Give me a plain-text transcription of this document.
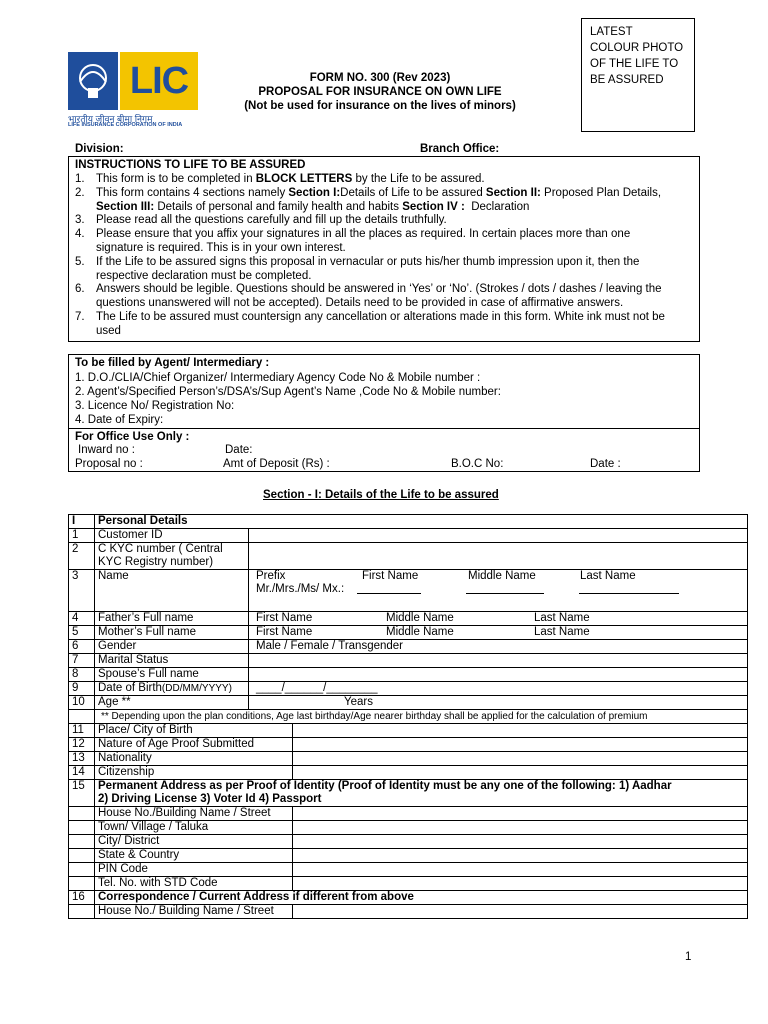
LIC
भारतीय जीवन बीमा निगम
LIFE INSURANCE CORPORATION OF INDIA
FORM NO. 300 (Rev 2023)
PROPOSAL FOR INSURANCE ON OWN LIFE
(Not be used for insurance on the lives of minors)
LATEST
COLOUR PHOTO
OF THE LIFE TO
BE ASSURED
Division:	Branch Office:
INSTRUCTIONS TO LIFE TO BE ASSURED
1. This form is to be completed in BLOCK LETTERS by the Life to be assured.
2. This form contains 4 sections namely Section I:Details of Life to be assured Section II: Proposed Plan Details,
Section III: Details of personal and family health and habits Section IV :  Declaration
3. Please read all the questions carefully and fill up the details truthfully.
4. Please ensure that you affix your signatures in all the places as required. In certain places more than one
signature is required. This is in your own interest.
5. If the Life to be assured signs this proposal in vernacular or puts his/her thumb impression upon it, then the
respective declaration must be completed.
6. Answers should be legible. Questions should be answered in ‘Yes’ or ‘No’. (Strokes / dots / dashes / leaving the
questions unanswered will not be accepted). Details need to be provided in case of affirmative answers.
7. The Life to be assured must countersign any cancellation or alterations made in this form. White ink must not be
used
To be filled by Agent/ Intermediary :
1. D.O./CLIA/Chief Organizer/ Intermediary Agency Code No & Mobile number :
2. Agent’s/Specified Person’s/DSA’s/Sup Agent’s Name ,Code No & Mobile number:
3. Licence No/ Registration No:
4. Date of Expiry:
For Office Use Only :
Inward no :	Date:
Proposal no :	Amt of Deposit (Rs) :	B.O.C No:	Date :
Section - I: Details of the Life to be assured
I	Personal Details		
1	Customer ID		
2	C KYC number ( Central
KYC Registry number)		
3	Name	Prefix First Name Middle Name Last Name
Mr./Mrs./Ms/ Mx.:	

4	Father’s Full name	First Name Middle Name Last Name	

5	Mother’s Full name	First Name Middle Name Last Name	

6	Gender	Male / Female / Transgender	
7	Marital Status		
8	Spouse’s Full name		
9	Date of Birth(DD/MM/YYYY)	____/______/________	
10	Age **	Years	
	** Depending upon the plan conditions, Age last birthday/Age nearer birthday shall be applied for the calculation of premium		
11	Place/ City of Birth		
12	Nature of Age Proof Submitted		
13	Nationality		
14	Citizenship		
15	Permanent Address as per Proof of Identity (Proof of Identity must be any one of the following: 1) Aadhar
2) Driving License 3) Voter Id 4) Passport		
	House No./Building Name / Street		
	Town/ Village / Taluka		
	City/ District		
	State & Country		
	PIN Code		
	Tel. No. with STD Code		
16	Correspondence / Current Address if different from above		
	House No./ Building Name / Street		
1
